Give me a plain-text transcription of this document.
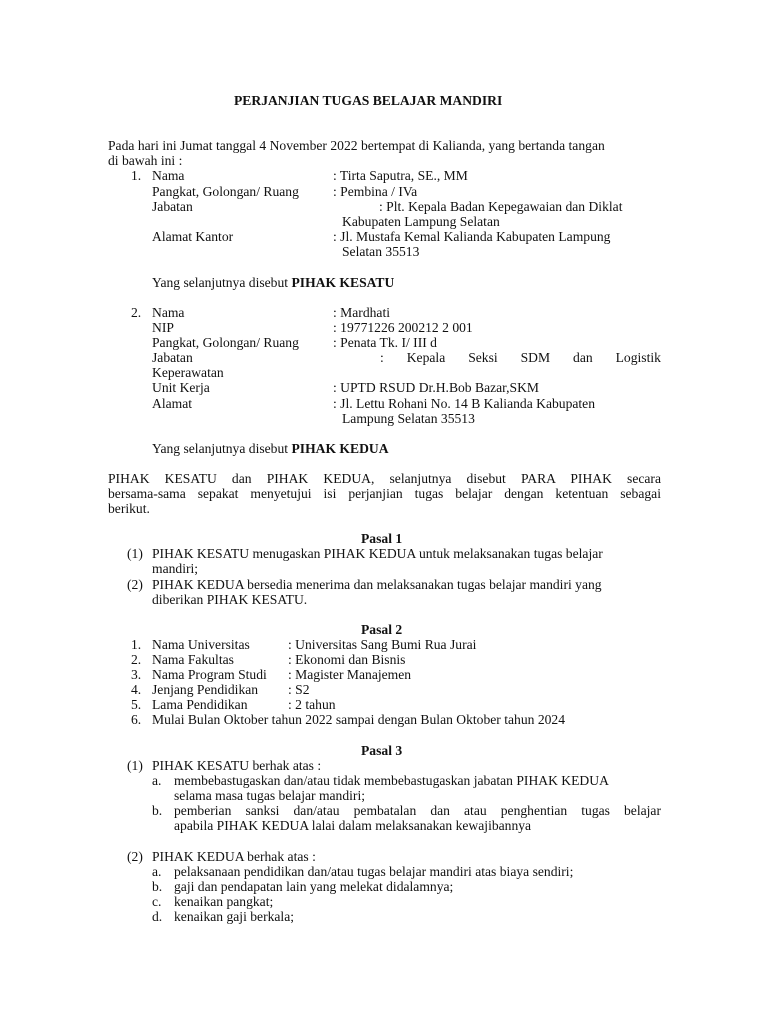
PERJANJIAN TUGAS BELAJAR MANDIRI
Pada hari ini Jumat tanggal 4 November 2022 bertempat di Kalianda, yang bertanda tangan
di bawah ini :
1. Nama	: Tirta Saputra, SE., MM
Pangkat, Golongan/ Ruang	: Pembina / IVa
Jabatan	: Plt. Kepala Badan Kepegawaian dan Diklat
Kabupaten Lampung Selatan
Alamat Kantor	: Jl. Mustafa Kemal Kalianda Kabupaten Lampung
Selatan 35513
Yang selanjutnya disebut PIHAK KESATU
2. Nama	: Mardhati
NIP	: 19771226 200212 2 001
Pangkat, Golongan/ Ruang	: Penata Tk. I/ III d
Jabatan	: Kepala Seksi SDM dan Logistik
Keperawatan
Unit Kerja	: UPTD RSUD Dr.H.Bob Bazar,SKM
Alamat	: Jl. Lettu Rohani No. 14 B Kalianda Kabupaten
Lampung Selatan 35513
Yang selanjutnya disebut PIHAK KEDUA
PIHAK KESATU dan PIHAK KEDUA, selanjutnya disebut PARA PIHAK secara
bersama-sama sepakat menyetujui isi perjanjian tugas belajar dengan ketentuan sebagai
berikut.
Pasal 1
(1) PIHAK KESATU menugaskan PIHAK KEDUA untuk melaksanakan tugas belajar
mandiri;
(2) PIHAK KEDUA bersedia menerima dan melaksanakan tugas belajar mandiri yang
diberikan PIHAK KESATU.
Pasal 2
1. Nama Universitas	: Universitas Sang Bumi Rua Jurai
2. Nama Fakultas	: Ekonomi dan Bisnis
3. Nama Program Studi : Magister Manajemen
4. Jenjang Pendidikan : S2
5. Lama Pendidikan	: 2 tahun
6. Mulai Bulan Oktober tahun 2022 sampai dengan Bulan Oktober tahun 2024
Pasal 3
(1) PIHAK KESATU berhak atas :
a. membebastugaskan dan/atau tidak membebastugaskan jabatan PIHAK KEDUA
selama masa tugas belajar mandiri;
b. pemberian sanksi dan/atau pembatalan dan atau penghentian tugas belajar
apabila PIHAK KEDUA lalai dalam melaksanakan kewajibannya
(2) PIHAK KEDUA berhak atas :
a. pelaksanaan pendidikan dan/atau tugas belajar mandiri atas biaya sendiri;
b. gaji dan pendapatan lain yang melekat didalamnya;
c. kenaikan pangkat;
d. kenaikan gaji berkala;
